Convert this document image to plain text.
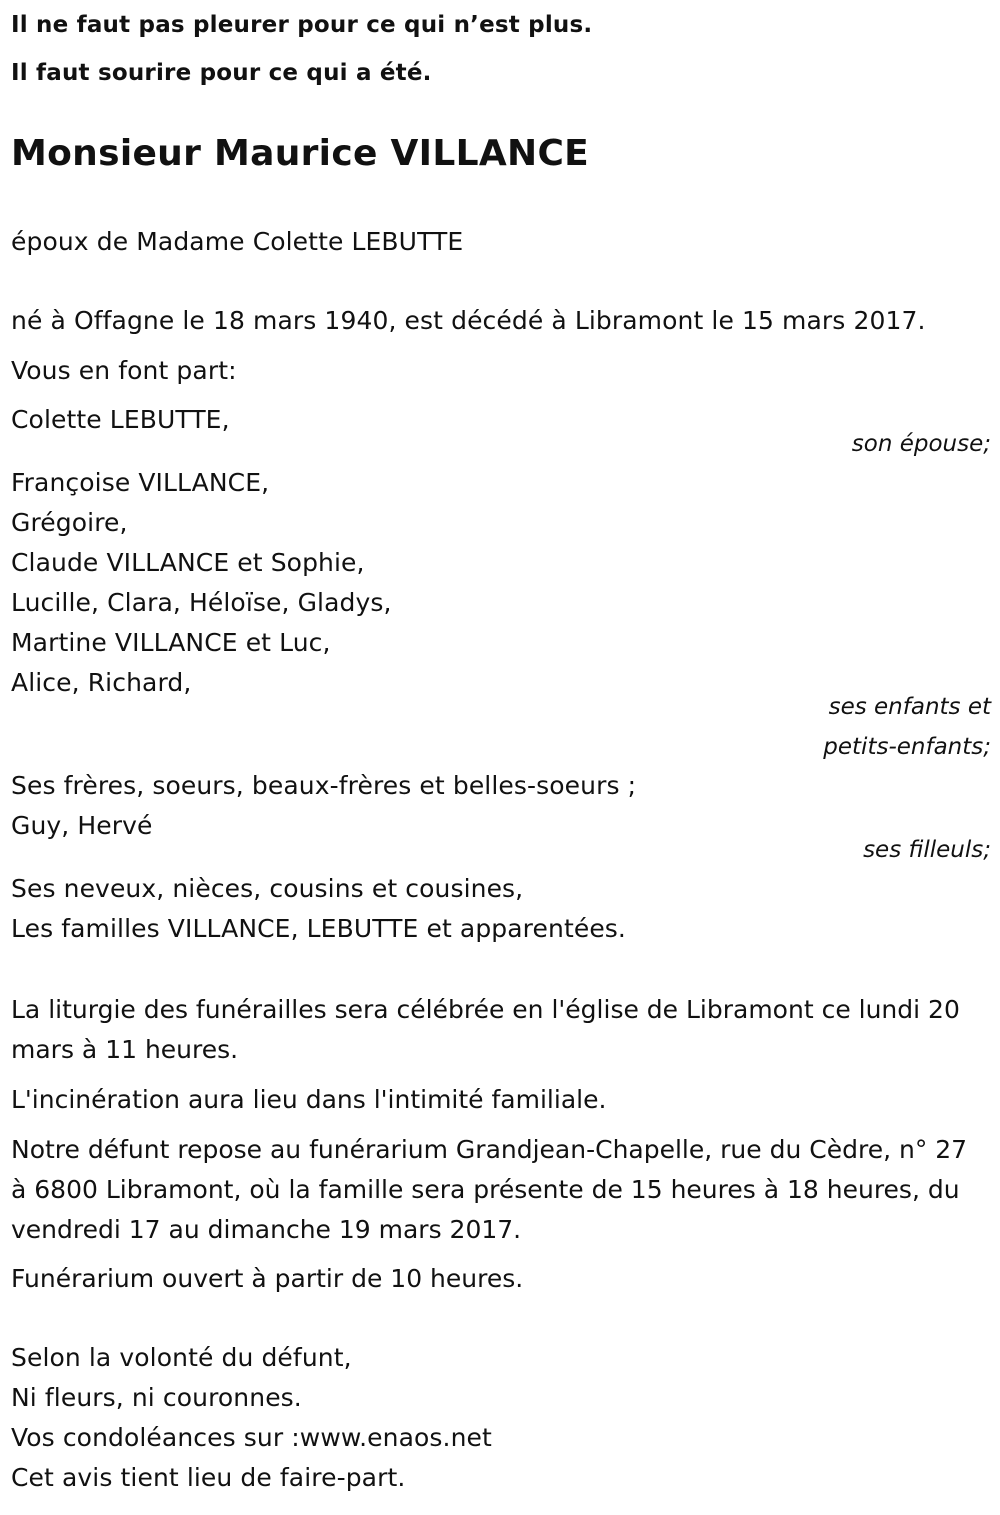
Il ne faut pas pleurer pour ce qui n’est plus.
Il faut sourire pour ce qui a été.
Monsieur Maurice VILLANCE
époux de Madame Colette LEBUTTE
né à Offagne le 18 mars 1940, est décédé à Libramont le 15 mars 2017.
Vous en font part:
Colette LEBUTTE,
son épouse;
Françoise VILLANCE,
Grégoire,
Claude VILLANCE et Sophie,
Lucille, Clara, Héloïse, Gladys,
Martine VILLANCE et Luc,
Alice, Richard,
ses enfants et
petits-enfants;
Ses frères, soeurs, beaux-frères et belles-soeurs ;
Guy, Hervé
ses filleuls;
Ses neveux, nièces, cousins et cousines,
Les familles VILLANCE, LEBUTTE et apparentées.
La liturgie des funérailles sera célébrée en l'église de Libramont ce lundi 20 mars à 11 heures.
L'incinération aura lieu dans l'intimité familiale.
Notre défunt repose au funérarium Grandjean-Chapelle, rue du Cèdre, n° 27 à 6800 Libramont, où la famille sera présente de 15 heures à 18 heures, du vendredi 17 au dimanche 19 mars 2017.
Funérarium ouvert à partir de 10 heures.
Selon la volonté du défunt,
Ni fleurs, ni couronnes.
Vos condoléances sur :www.enaos.net
Cet avis tient lieu de faire-part.
